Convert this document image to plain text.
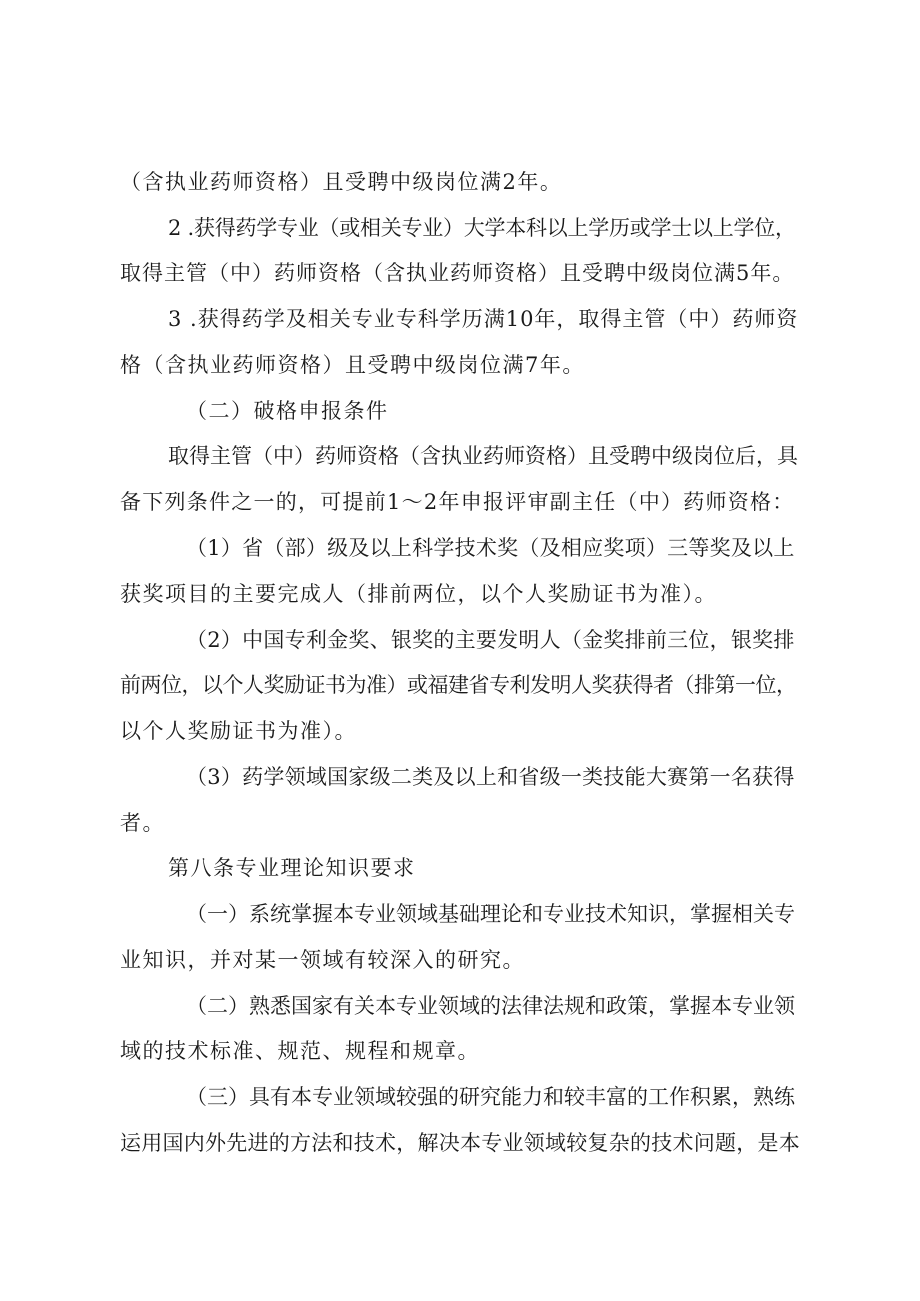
（含执业药师资格）且受聘中级岗位满2年。
2 .获得药学专业（或相关专业）大学本科以上学历或学士以上学位，
取得主管（中）药师资格（含执业药师资格）且受聘中级岗位满5年。
3 .获得药学及相关专业专科学历满10年，取得主管（中）药师资
格（含执业药师资格）且受聘中级岗位满7年。
（二）破格申报条件
取得主管（中）药师资格（含执业药师资格）且受聘中级岗位后，具
备下列条件之一的，可提前1～2年申报评审副主任（中）药师资格：
（1）省（部）级及以上科学技术奖（及相应奖项）三等奖及以上
获奖项目的主要完成人（排前两位，以个人奖励证书为准）。
（2）中国专利金奖、银奖的主要发明人（金奖排前三位，银奖排
前两位，以个人奖励证书为准）或福建省专利发明人奖获得者（排第一位，
以个人奖励证书为准）。
（3）药学领域国家级二类及以上和省级一类技能大赛第一名获得
者。
第八条专业理论知识要求
（一）系统掌握本专业领域基础理论和专业技术知识，掌握相关专
业知识，并对某一领域有较深入的研究。
（二）熟悉国家有关本专业领域的法律法规和政策，掌握本专业领
域的技术标准、规范、规程和规章。
（三）具有本专业领域较强的研究能力和较丰富的工作积累，熟练
运用国内外先进的方法和技术，解决本专业领域较复杂的技术问题，是本
